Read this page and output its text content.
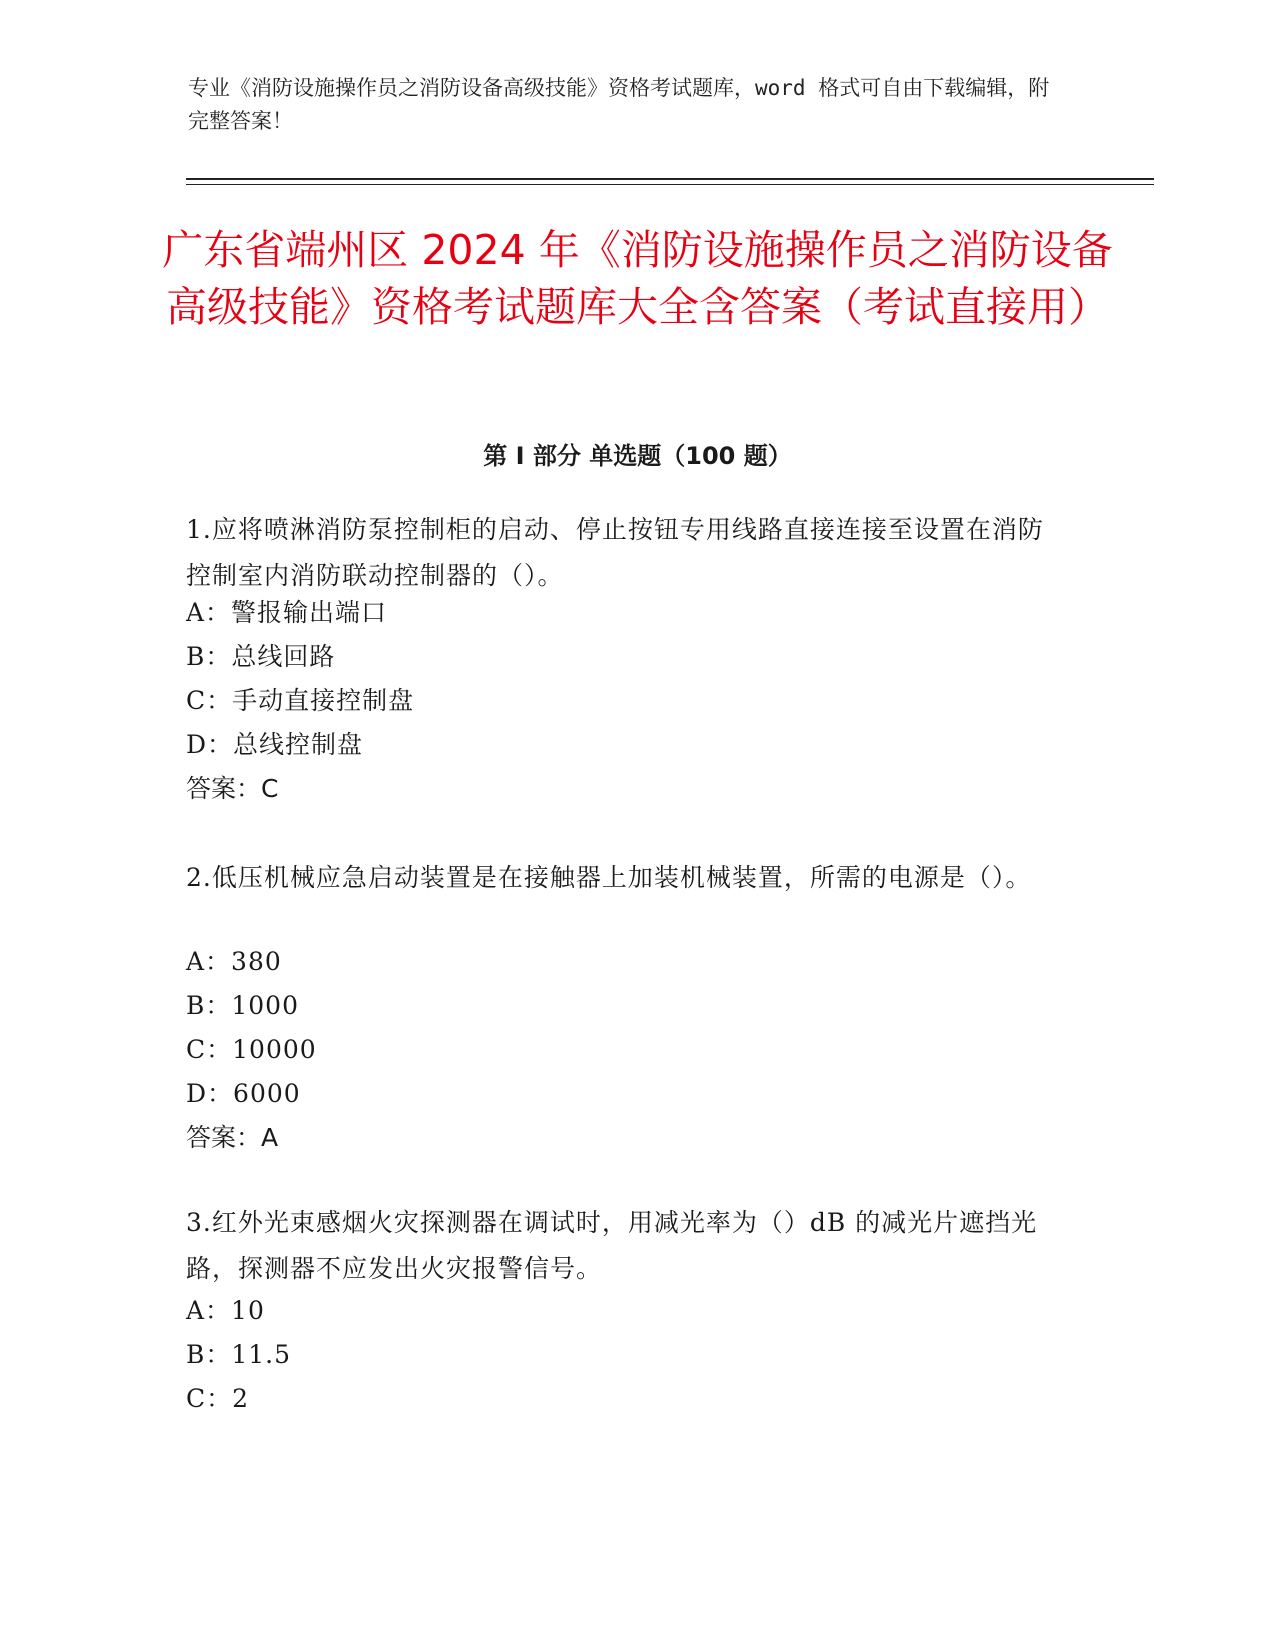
专业《消防设施操作员之消防设备高级技能》资格考试题库，word 格式可自由下载编辑，附完整答案！
广东省端州区 2024 年《消防设施操作员之消防设备高级技能》资格考试题库大全含答案（考试直接用）
第 I 部分 单选题（100 题）

1.应将喷淋消防泵控制柜的启动、停止按钮专用线路直接连接至设置在消防控制室内消防联动控制器的（）。

A：警报输出端口
B：总线回路
C：手动直接控制盘
D：总线控制盘
答案：C

2.低压机械应急启动装置是在接触器上加装机械装置，所需的电源是（）。

A：380
B：1000
C：10000
D：6000
答案：A

3.红外光束感烟火灾探测器在调试时，用减光率为（）dB 的减光片遮挡光路，探测器不应发出火灾报警信号。

A：10
B：11.5
C：2
